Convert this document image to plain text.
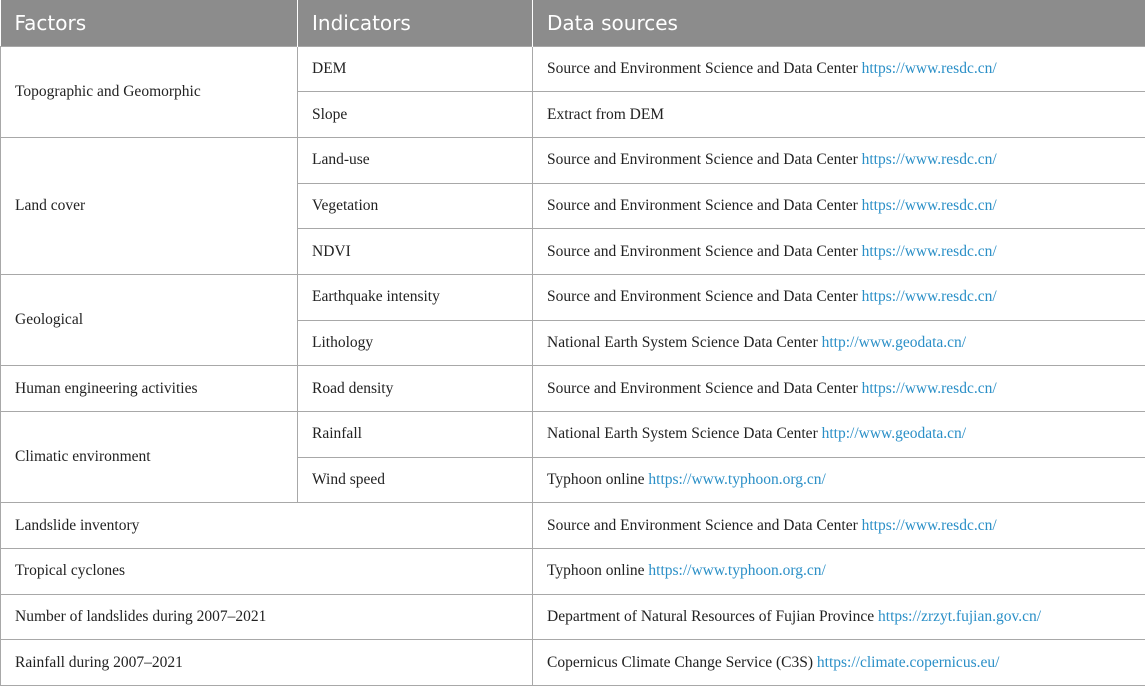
Factors	Indicators	Data sources
Topographic and Geomorphic	DEM	Source and Environment Science and Data Center https://www.resdc.cn/
	Slope	Extract from DEM
Land cover	Land-use	Source and Environment Science and Data Center https://www.resdc.cn/
	Vegetation	Source and Environment Science and Data Center https://www.resdc.cn/
	NDVI	Source and Environment Science and Data Center https://www.resdc.cn/
Geological	Earthquake intensity	Source and Environment Science and Data Center https://www.resdc.cn/
	Lithology	National Earth System Science Data Center http://www.geodata.cn/
Human engineering activities	Road density	Source and Environment Science and Data Center https://www.resdc.cn/
Climatic environment	Rainfall	National Earth System Science Data Center http://www.geodata.cn/
	Wind speed	Typhoon online https://www.typhoon.org.cn/
Landslide inventory		Source and Environment Science and Data Center https://www.resdc.cn/
Tropical cyclones		Typhoon online https://www.typhoon.org.cn/
Number of landslides during 2007–2021		Department of Natural Resources of Fujian Province https://zrzyt.fujian.gov.cn/
Rainfall during 2007–2021		Copernicus Climate Change Service (C3S) https://climate.copernicus.eu/
